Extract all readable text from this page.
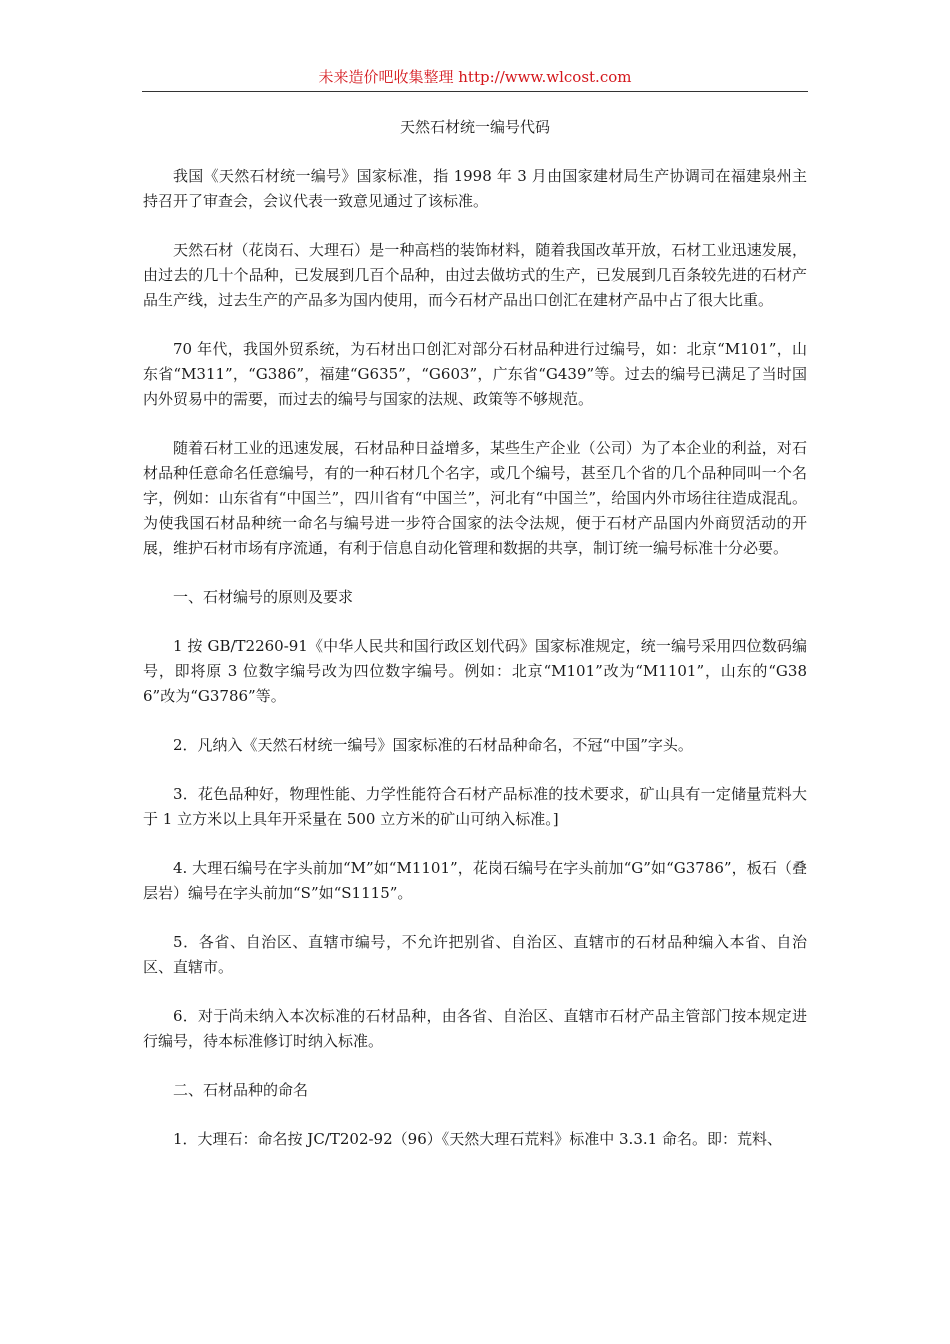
未来造价吧收集整理 http://www.wlcost.com
天然石材统一编号代码

我国《天然石材统一编号》国家标准，指 1998 年 3 月由国家建材局生产协调司在福建泉州主持召开了审查会，会议代表一致意见通过了该标准。

天然石材（花岗石、大理石）是一种高档的装饰材料，随着我国改革开放，石材工业迅速发展，由过去的几十个品种，已发展到几百个品种，由过去做坊式的生产，已发展到几百条较先进的石材产品生产线，过去生产的产品多为国内使用，而今石材产品出口创汇在建材产品中占了很大比重。

70 年代，我国外贸系统，为石材出口创汇对部分石材品种进行过编号，如：北京“M101”，山东省“M311”，“G386”，福建“G635”，“G603”，广东省“G439”等。过去的编号已满足了当时国内外贸易中的需要，而过去的编号与国家的法规、政策等不够规范。

随着石材工业的迅速发展，石材品种日益增多，某些生产企业（公司）为了本企业的利益，对石材品种任意命名任意编号，有的一种石材几个名字，或几个编号，甚至几个省的几个品种同叫一个名字，例如：山东省有“中国兰”，四川省有“中国兰”，河北有“中国兰”，给国内外市场往往造成混乱。为使我国石材品种统一命名与编号进一步符合国家的法令法规，便于石材产品国内外商贸活动的开展，维护石材市场有序流通，有利于信息自动化管理和数据的共享，制订统一编号标准十分必要。

一、石材编号的原则及要求

1 按 GB/T2260-91《中华人民共和国行政区划代码》国家标准规定，统一编号采用四位数码编号，即将原 3 位数字编号改为四位数字编号。例如：北京“M101”改为“M1101”，山东的“G386”改为“G3786”等。

2．凡纳入《天然石材统一编号》国家标准的石材品种命名，不冠“中国”字头。

3．花色品种好，物理性能、力学性能符合石材产品标准的技术要求，矿山具有一定储量荒料大于 1 立方米以上具年开采量在 500 立方米的矿山可纳入标准。]

4. 大理石编号在字头前加“M”如“M1101”，花岗石编号在字头前加“G”如“G3786”，板石（叠层岩）编号在字头前加“S”如“S1115”。

5．各省、自治区、直辖市编号，不允许把别省、自治区、直辖市的石材品种编入本省、自治区、直辖市。

6．对于尚未纳入本次标准的石材品种，由各省、自治区、直辖市石材产品主管部门按本规定进行编号，待本标准修订时纳入标准。

二、石材品种的命名

1．大理石：命名按 JC/T202-92（96）《天然大理石荒料》标准中 3.3.1 命名。即：荒料、
